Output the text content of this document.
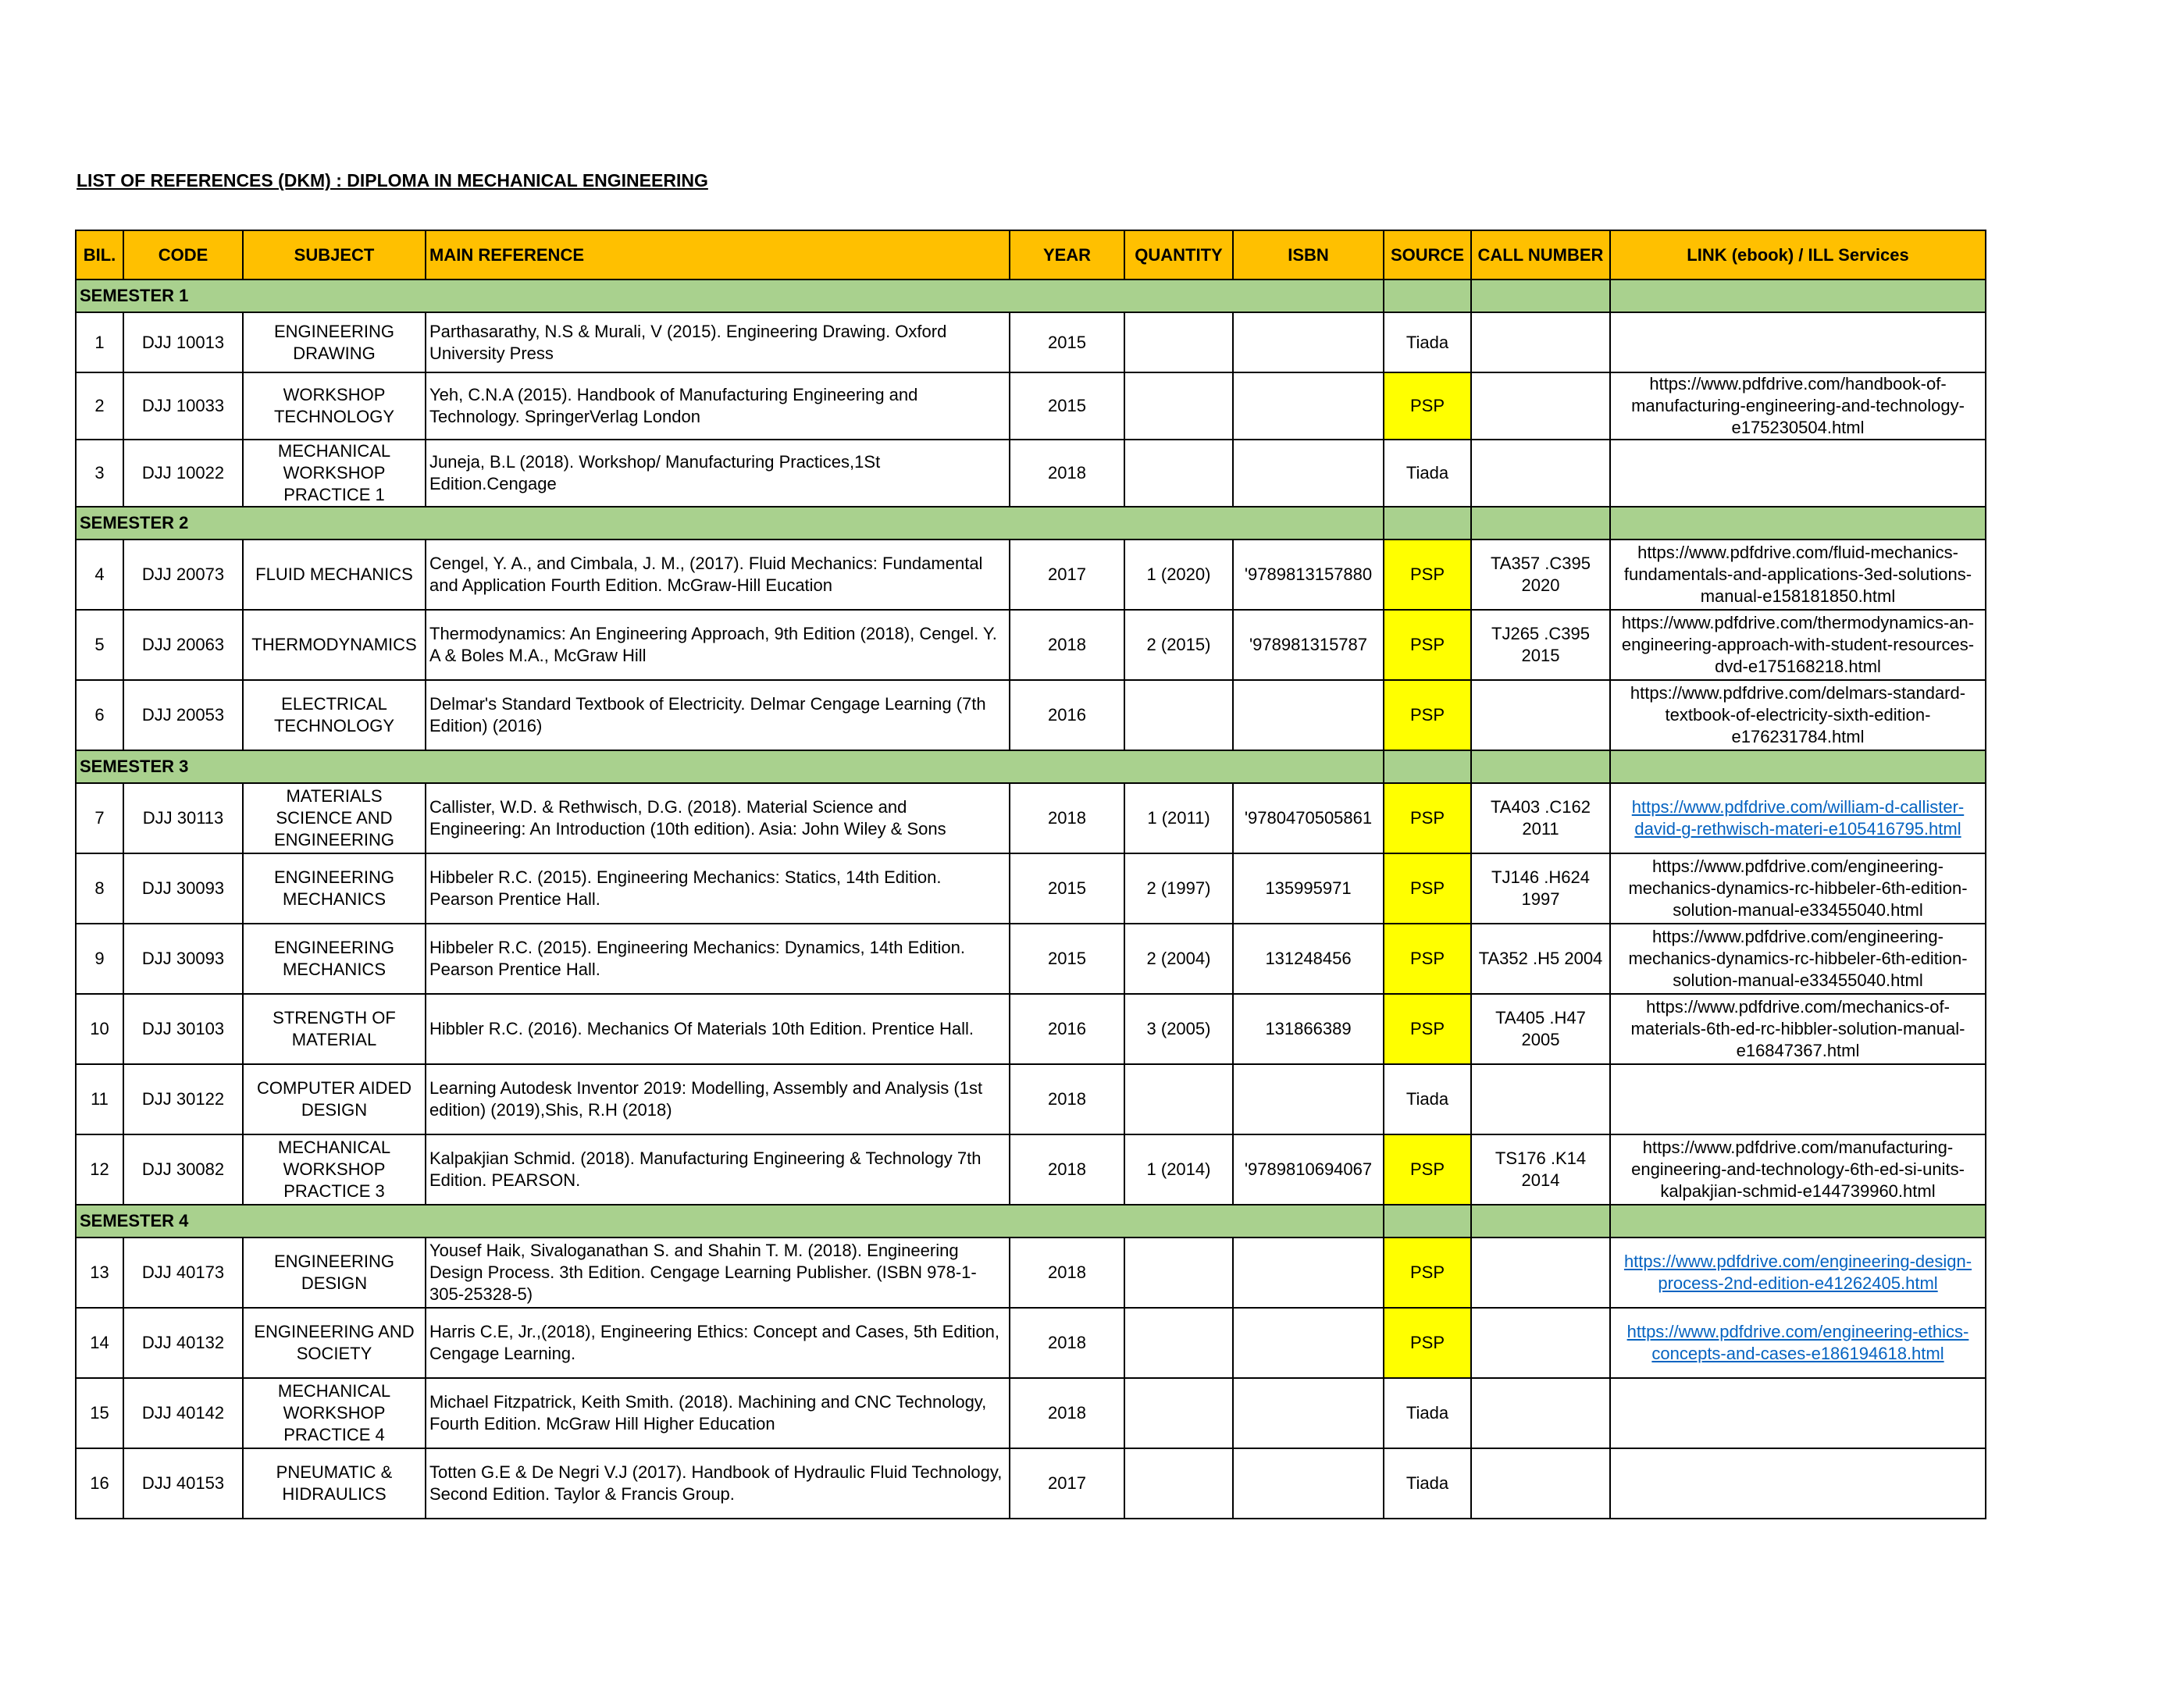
LIST OF REFERENCES (DKM) : DIPLOMA IN MECHANICAL ENGINEERING
BIL.	CODE	SUBJECT	MAIN REFERENCE	YEAR	QUANTITY	ISBN	SOURCE	CALL NUMBER	LINK (ebook) / ILL Services
SEMESTER 1									
1	DJJ 10013	ENGINEERING DRAWING	Parthasarathy, N.S & Murali, V (2015). Engineering Drawing. Oxford University Press	2015			Tiada		
2	DJJ 10033	WORKSHOP TECHNOLOGY	Yeh, C.N.A (2015). Handbook of Manufacturing Engineering and Technology. SpringerVerlag London	2015			PSP		https://www.pdfdrive.com/handbook-of-manufacturing-engineering-and-technology-e175230504.html
3	DJJ 10022	MECHANICAL WORKSHOP PRACTICE 1	Juneja, B.L (2018). Workshop/ Manufacturing Practices,1St Edition.Cengage	2018			Tiada		
SEMESTER 2									
4	DJJ 20073	FLUID MECHANICS	Cengel, Y. A., and Cimbala, J. M., (2017). Fluid Mechanics: Fundamental and Application Fourth Edition. McGraw-Hill Eucation	2017	1 (2020)	'9789813157880	PSP	TA357 .C395 2020	https://www.pdfdrive.com/fluid-mechanics-fundamentals-and-applications-3ed-solutions-manual-e158181850.html
5	DJJ 20063	THERMODYNAMICS	Thermodynamics: An Engineering Approach, 9th Edition (2018), Cengel. Y. A & Boles M.A., McGraw Hill	2018	2 (2015)	'978981315787	PSP	TJ265 .C395 2015	https://www.pdfdrive.com/thermodynamics-an-engineering-approach-with-student-resources-dvd-e175168218.html
6	DJJ 20053	ELECTRICAL TECHNOLOGY	Delmar's Standard Textbook of Electricity. Delmar Cengage Learning (7th Edition) (2016)	2016			PSP		https://www.pdfdrive.com/delmars-standard-textbook-of-electricity-sixth-edition-e176231784.html
SEMESTER 3									
7	DJJ 30113	MATERIALS SCIENCE AND ENGINEERING	Callister, W.D. & Rethwisch, D.G. (2018). Material Science and Engineering: An Introduction (10th edition). Asia: John Wiley & Sons	2018	1 (2011)	'9780470505861	PSP	TA403 .C162 2011	https://www.pdfdrive.com/william-d-callister-david-g-rethwisch-materi-e105416795.html
8	DJJ 30093	ENGINEERING MECHANICS	Hibbeler R.C. (2015). Engineering Mechanics: Statics, 14th Edition. Pearson Prentice Hall.	2015	2 (1997)	135995971	PSP	TJ146 .H624 1997	https://www.pdfdrive.com/engineering-mechanics-dynamics-rc-hibbeler-6th-edition-solution-manual-e33455040.html
9	DJJ 30093	ENGINEERING MECHANICS	Hibbeler R.C. (2015). Engineering Mechanics: Dynamics, 14th Edition. Pearson Prentice Hall.	2015	2 (2004)	131248456	PSP	TA352 .H5 2004	https://www.pdfdrive.com/engineering-mechanics-dynamics-rc-hibbeler-6th-edition-solution-manual-e33455040.html
10	DJJ 30103	STRENGTH OF MATERIAL	Hibbler R.C. (2016). Mechanics Of Materials 10th Edition. Prentice Hall.	2016	3 (2005)	131866389	PSP	TA405 .H47 2005	https://www.pdfdrive.com/mechanics-of-materials-6th-ed-rc-hibbler-solution-manual-e16847367.html
11	DJJ 30122	COMPUTER AIDED DESIGN	Learning Autodesk Inventor 2019: Modelling, Assembly and Analysis (1st edition) (2019),Shis, R.H (2018)	2018			Tiada		
12	DJJ 30082	MECHANICAL WORKSHOP PRACTICE 3	Kalpakjian Schmid. (2018). Manufacturing Engineering & Technology 7th Edition. PEARSON.	2018	1 (2014)	'9789810694067	PSP	TS176 .K14 2014	https://www.pdfdrive.com/manufacturing-engineering-and-technology-6th-ed-si-units-kalpakjian-schmid-e144739960.html
SEMESTER 4									
13	DJJ 40173	ENGINEERING DESIGN	Yousef Haik, Sivaloganathan S. and Shahin T. M. (2018). Engineering Design Process. 3th Edition. Cengage Learning Publisher. (ISBN 978-1-305-25328-5)	2018			PSP		https://www.pdfdrive.com/engineering-design-process-2nd-edition-e41262405.html
14	DJJ 40132	ENGINEERING AND SOCIETY	Harris C.E, Jr.,(2018), Engineering Ethics: Concept and Cases, 5th Edition, Cengage Learning.	2018			PSP		https://www.pdfdrive.com/engineering-ethics-concepts-and-cases-e186194618.html
15	DJJ 40142	MECHANICAL WORKSHOP PRACTICE 4	Michael Fitzpatrick, Keith Smith. (2018). Machining and CNC Technology, Fourth Edition. McGraw Hill Higher Education	2018			Tiada		
16	DJJ 40153	PNEUMATIC & HIDRAULICS	Totten G.E & De Negri V.J (2017). Handbook of Hydraulic Fluid Technology, Second Edition. Taylor & Francis Group.	2017			Tiada		
